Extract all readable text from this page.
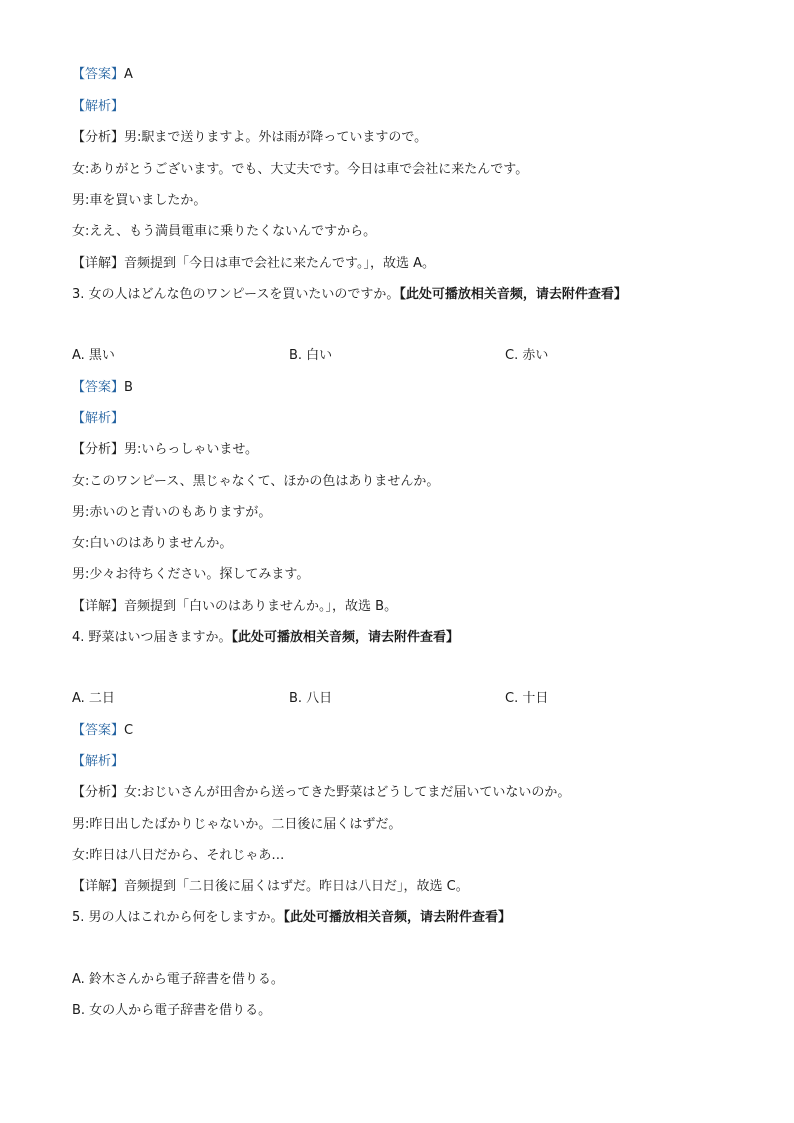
【答案】A
【解析】
【分析】男:駅まで送りますよ。外は雨が降っていますので。
女:ありがとうございます。でも、大丈夫です。今日は車で会社に来たんです。
男:車を買いましたか。
女:ええ、もう満員電車に乗りたくないんですから。
【详解】音频提到「今日は車で会社に来たんです。」，故选 A。
3. 女の人はどんな色のワンピースを買いたいのですか。【此处可播放相关音频，请去附件查看】
A. 黒い	B. 白い	C. 赤い
【答案】B
【解析】
【分析】男:いらっしゃいませ。
女:このワンピース、黒じゃなくて、ほかの色はありませんか。
男:赤いのと青いのもありますが。
女:白いのはありませんか。
男:少々お待ちください。探してみます。
【详解】音频提到「白いのはありませんか。」，故选 B。
4. 野菜はいつ届きますか。【此处可播放相关音频，请去附件查看】
A. 二日	B. 八日	C. 十日
【答案】C
【解析】
【分析】女:おじいさんが田舎から送ってきた野菜はどうしてまだ届いていないのか。
男:昨日出したばかりじゃないか。二日後に届くはずだ。
女:昨日は八日だから、それじゃあ…
【详解】音频提到「二日後に届くはずだ。昨日は八日だ」，故选 C。
5. 男の人はこれから何をしますか。【此处可播放相关音频，请去附件查看】
A. 鈴木さんから電子辞書を借りる。
B. 女の人から電子辞書を借りる。
